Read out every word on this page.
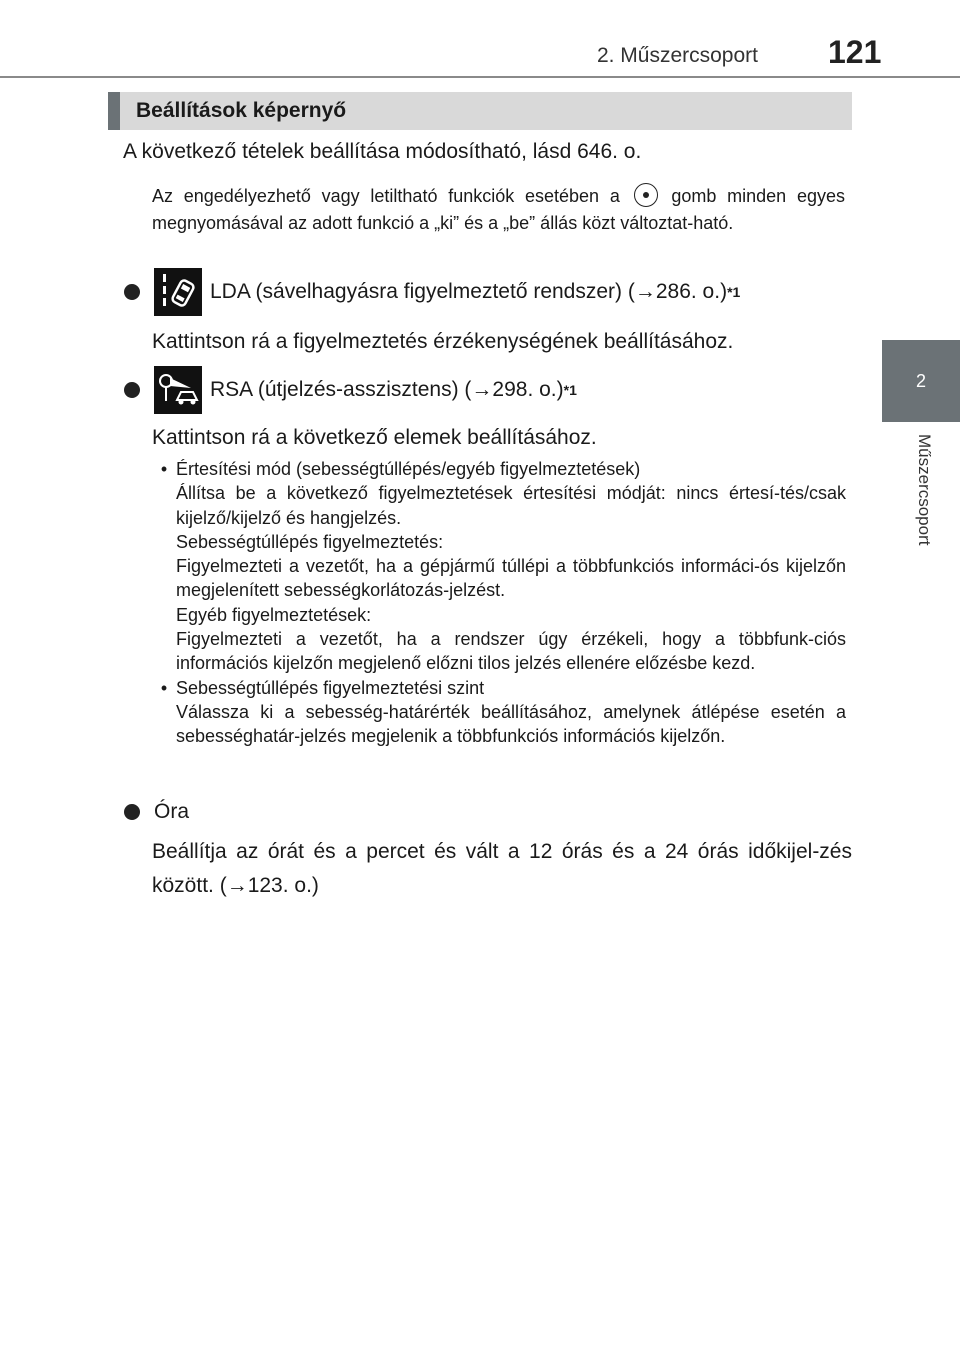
2. Műszercsoport 121
2
Műszercsoport
Beállítások képernyő
A következő tételek beállítása módosítható, lásd 646. o.
Az engedélyezhető vagy letiltható funkciók esetében a	gomb minden egyes megnyomásával az adott funkció a „ki” és a „be” állás közt változtat-ható.
LDA (sávelhagyásra figyelmeztető rendszer) (→286. o.) *1
Kattintson rá a figyelmeztetés érzékenységének beállításához.
RSA (útjelzés-asszisztens) (→298. o.) *1
Kattintson rá a következő elemek beállításához.
• Értesítési mód (sebességtúllépés/egyéb figyelmeztetések)
Állítsa be a következő figyelmeztetések értesítési módját: nincs értesí-tés/csak kijelző/kijelző és hangjelzés.
Sebességtúllépés figyelmeztetés:
Figyelmezteti a vezetőt, ha a gépjármű túllépi a többfunkciós informáci-ós kijelzőn megjelenített sebességkorlátozás-jelzést.
Egyéb figyelmeztetések:
Figyelmezteti a vezetőt, ha a rendszer úgy érzékeli, hogy a többfunk-ciós információs kijelzőn megjelenő előzni tilos jelzés ellenére előzésbe kezd.
• Sebességtúllépés figyelmeztetési szint
Válassza ki a sebesség-határérték beállításához, amelynek átlépése esetén a sebességhatár-jelzés megjelenik a többfunkciós információs kijelzőn.
Óra
Beállítja az órát és a percet és vált a 12 órás és a 24 órás időkijel-zés között. (→123. o.)
